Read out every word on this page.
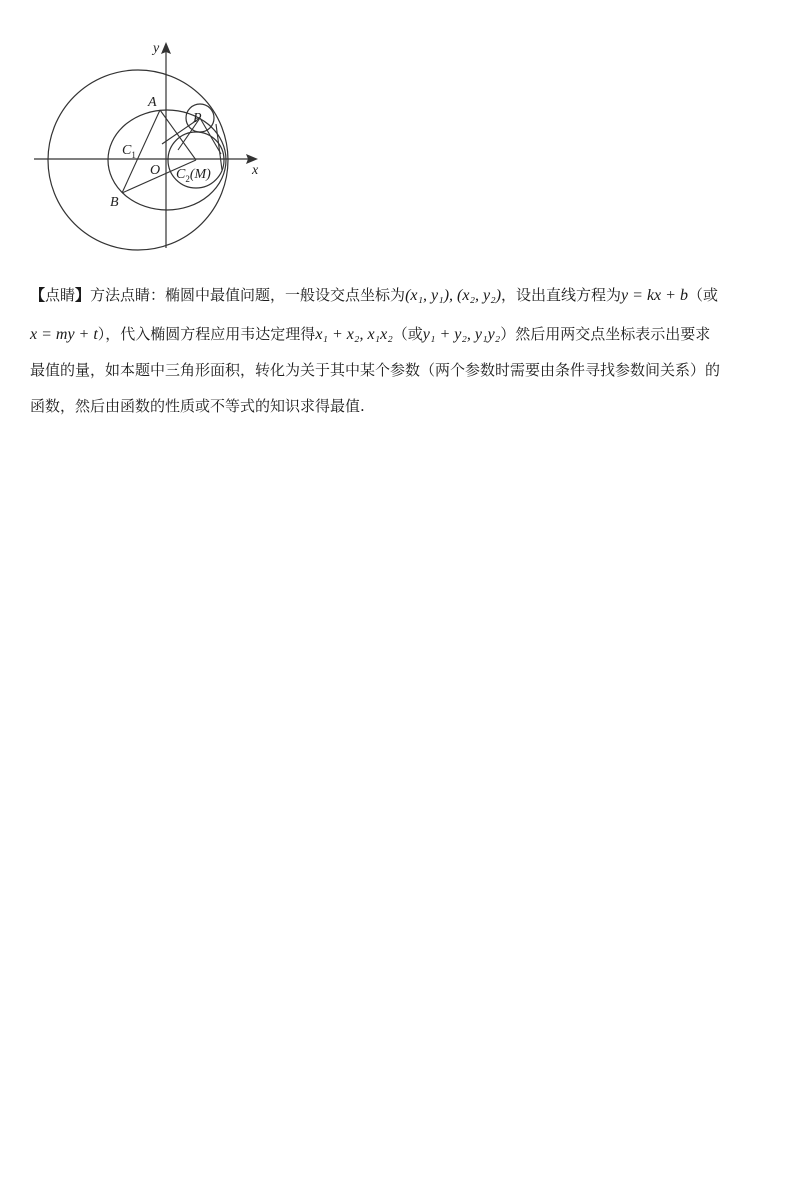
y
x
A
B
P
O
$C_1$
$C_2(M)$
【点睛】方法点睛：椭圆中最值问题，一般设交点坐标为(x₁, y₁), (x₂, y₂)，设出直线方程为y = kx + b（或
x = my + t），代入椭圆方程应用韦达定理得x₁ + x₂, x₁x₂（或y₁ + y₂, y₁y₂）然后用两交点坐标表示出要求
最值的量，如本题中三角形面积，转化为关于其中某个参数（两个参数时需要由条件寻找参数间关系）的
函数，然后由函数的性质或不等式的知识求得最值.
